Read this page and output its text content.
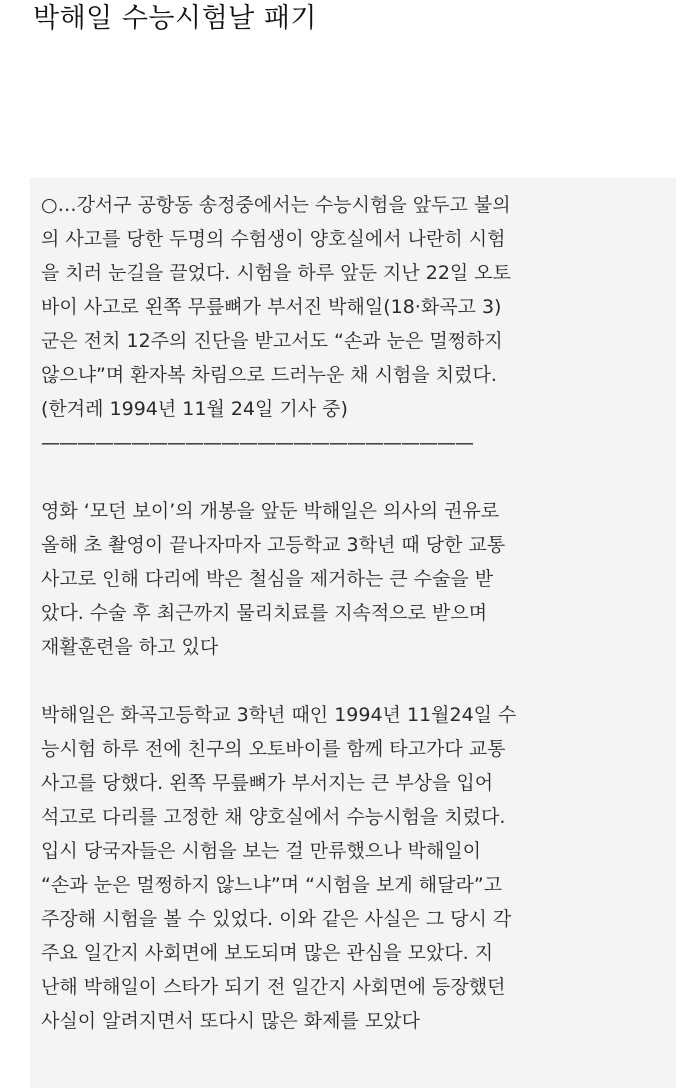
박해일 수능시험날 패기
○…강서구 공항동 송정중에서는 수능시험을 앞두고 불의
의 사고를 당한 두명의 수험생이 양호실에서 나란히 시험
을 치러 눈길을 끌었다. 시험을 하루 앞둔 지난 22일 오토
바이 사고로 왼쪽 무릎뼈가 부서진 박해일(18·화곡고 3)
군은 전치 12주의 진단을 받고서도 “손과 눈은 멀쩡하지
않으냐”며 환자복 차림으로 드러누운 채 시험을 치렀다.
(한겨레 1994년 11월 24일 기사 중)
————————————————————————
영화 ‘모던 보이’의 개봉을 앞둔 박해일은 의사의 권유로
올해 초 촬영이 끝나자마자 고등학교 3학년 때 당한 교통
사고로 인해 다리에 박은 철심을 제거하는 큰 수술을 받
았다. 수술 후 최근까지 물리치료를 지속적으로 받으며
재활훈련을 하고 있다
박해일은 화곡고등학교 3학년 때인 1994년 11월24일 수
능시험 하루 전에 친구의 오토바이를 함께 타고가다 교통
사고를 당했다. 왼쪽 무릎뼈가 부서지는 큰 부상을 입어
석고로 다리를 고정한 채 양호실에서 수능시험을 치렀다.
입시 당국자들은 시험을 보는 걸 만류했으나 박해일이
“손과 눈은 멀쩡하지 않느냐”며 “시험을 보게 해달라”고
주장해 시험을 볼 수 있었다. 이와 같은 사실은 그 당시 각
주요 일간지 사회면에 보도되며 많은 관심을 모았다. 지
난해 박해일이 스타가 되기 전 일간지 사회면에 등장했던
사실이 알려지면서 또다시 많은 화제를 모았다
